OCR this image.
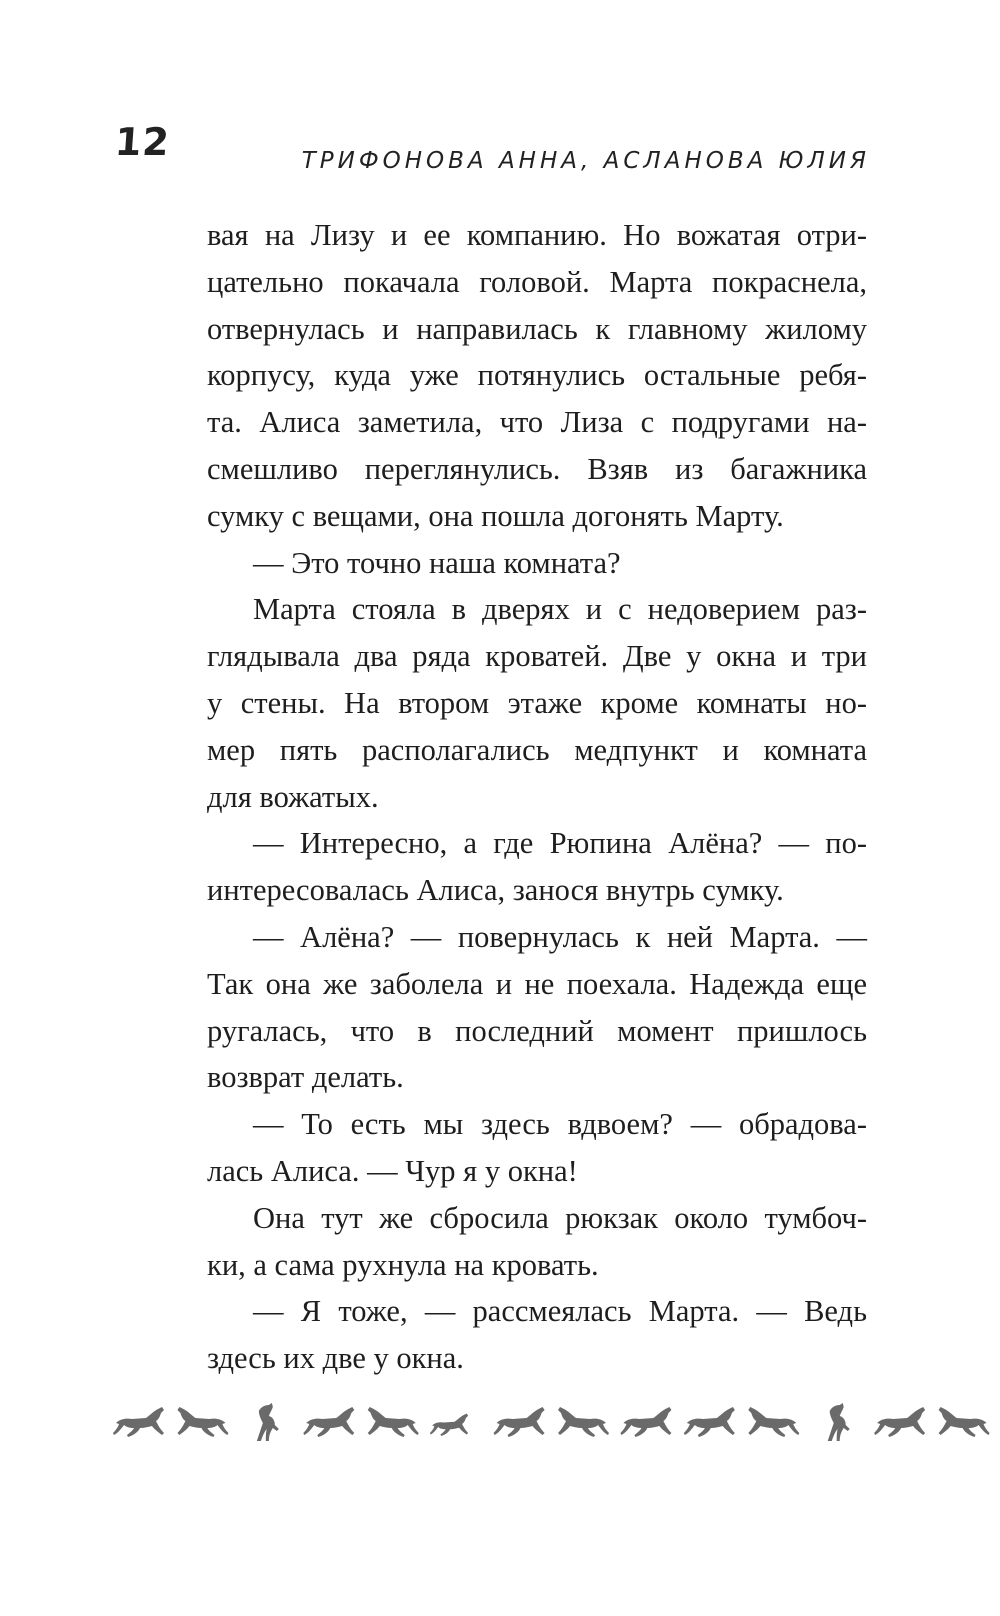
12	ТРИФОНОВА АННА, АСЛАНОВА ЮЛИЯ
вая на Лизу и ее компанию. Но вожатая отри-
цательно покачала головой. Марта покраснела,
отвернулась и направилась к главному жилому
корпусу, куда уже потянулись остальные ребя-
та. Алиса заметила, что Лиза с подругами на-
смешливо переглянулись. Взяв из багажника
сумку с вещами, она пошла догонять Марту.
— Это точно наша комната?
Марта стояла в дверях и с недоверием раз-
глядывала два ряда кроватей. Две у окна и три
у стены. На втором этаже кроме комнаты но-
мер пять располагались медпункт и комната
для вожатых.
— Интересно, а где Рюпина Алёна? — по-
интересовалась Алиса, занося внутрь сумку.
— Алёна? — повернулась к ней Марта. —
Так она же заболела и не поехала. Надежда еще
ругалась, что в последний момент пришлось
возврат делать.
— То есть мы здесь вдвоем? — обрадова-
лась Алиса. — Чур я у окна!
Она тут же сбросила рюкзак около тумбоч-
ки, а сама рухнула на кровать.
— Я тоже, — рассмеялась Марта. — Ведь
здесь их две у окна.
